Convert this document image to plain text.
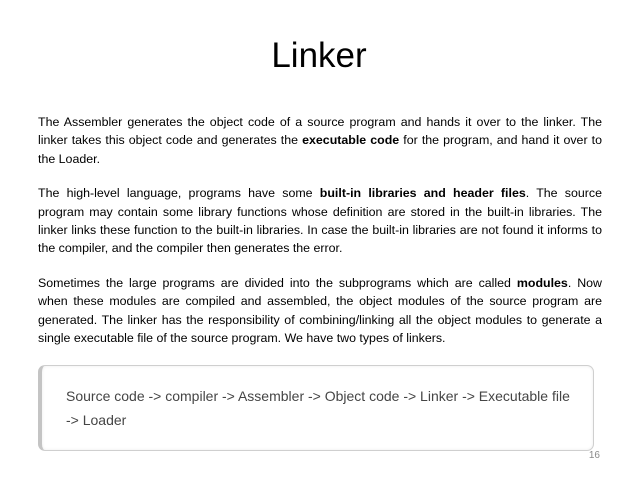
Linker

The Assembler generates the object code of a source program and hands it over to the linker. The linker takes this object code and generates the executable code for the program, and hand it over to the Loader.

The high-level language, programs have some built-in libraries and header files. The source program may contain some library functions whose definition are stored in the built-in libraries. The linker links these function to the built-in libraries. In case the built-in libraries are not found it informs to the compiler, and the compiler then generates the error.

Sometimes the large programs are divided into the subprograms which are called modules. Now when these modules are compiled and assembled, the object modules of the source program are generated. The linker has the responsibility of combining/linking all the object modules to generate a single executable file of the source program. We have two types of linkers.

Source code -> compiler -> Assembler -> Object code -> Linker -> Executable file -> Loader

16
